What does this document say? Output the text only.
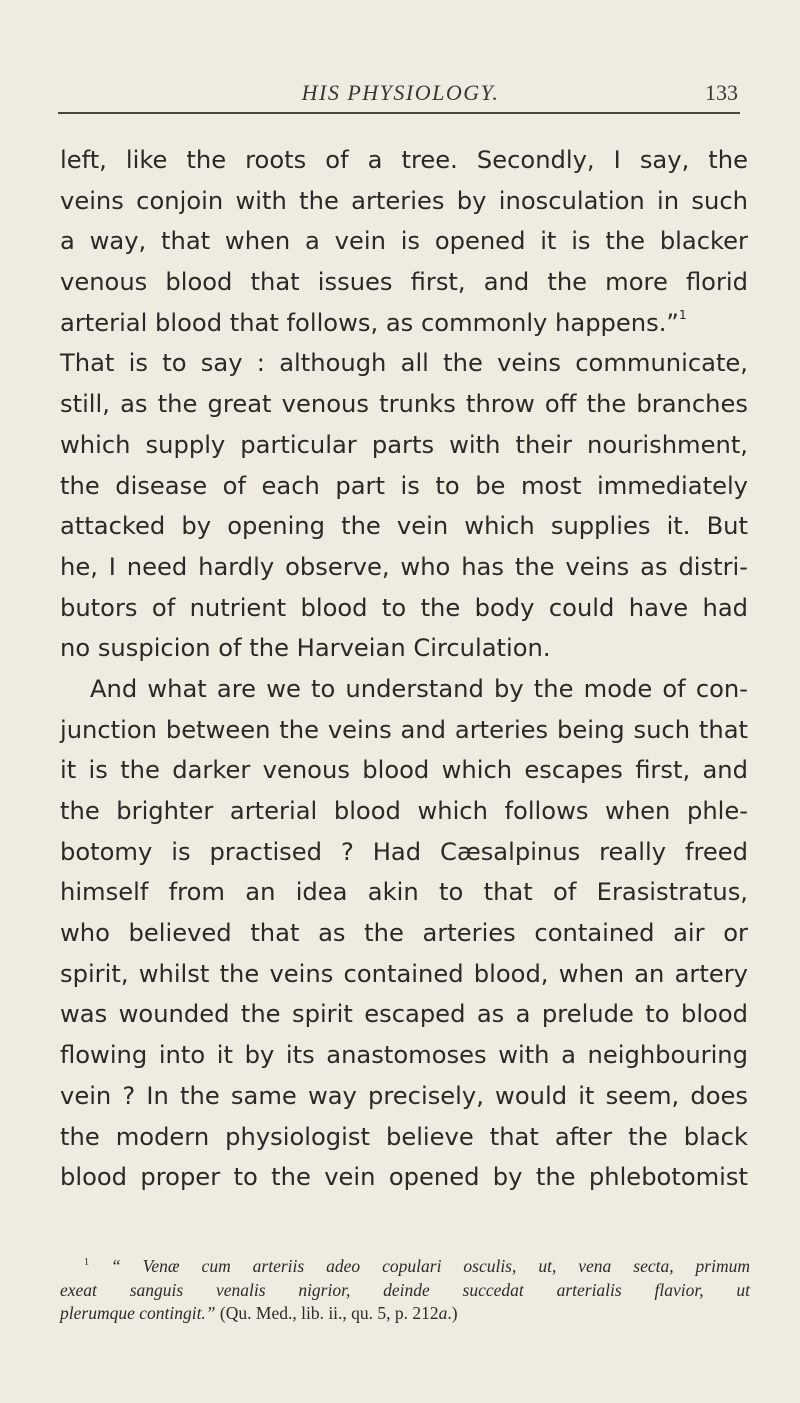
HIS PHYSIOLOGY.	133
left, like the roots of a tree. Secondly, I say, the
veins conjoin with the arteries by inosculation in such
a way, that when a vein is opened it is the blacker
venous blood that issues first, and the more florid
arterial blood that follows, as commonly happens.”$^1$
That is to say : although all the veins communicate,
still, as the great venous trunks throw off the branches
which supply particular parts with their nourishment,
the disease of each part is to be most immediately
attacked by opening the vein which supplies it. But
he, I need hardly observe, who has the veins as distri-
butors of nutrient blood to the body could have had
no suspicion of the Harveian Circulation.
And what are we to understand by the mode of con-
junction between the veins and arteries being such that
it is the darker venous blood which escapes first, and
the brighter arterial blood which follows when phle-
botomy is practised ? Had Cæsalpinus really freed
himself from an idea akin to that of Erasistratus,
who believed that as the arteries contained air or
spirit, whilst the veins contained blood, when an artery
was wounded the spirit escaped as a prelude to blood
flowing into it by its anastomoses with a neighbouring
vein ? In the same way precisely, would it seem, does
the modern physiologist believe that after the black
blood proper to the vein opened by the phlebotomist
$^1$ “ Venæ cum arteriis adeo copulari osculis, ut, vena secta, primum
exeat sanguis venalis nigrior, deinde succedat arterialis flavior, ut
plerumque contingit.” (Qu. Med., lib. ii., qu. 5, p. 212a.)
